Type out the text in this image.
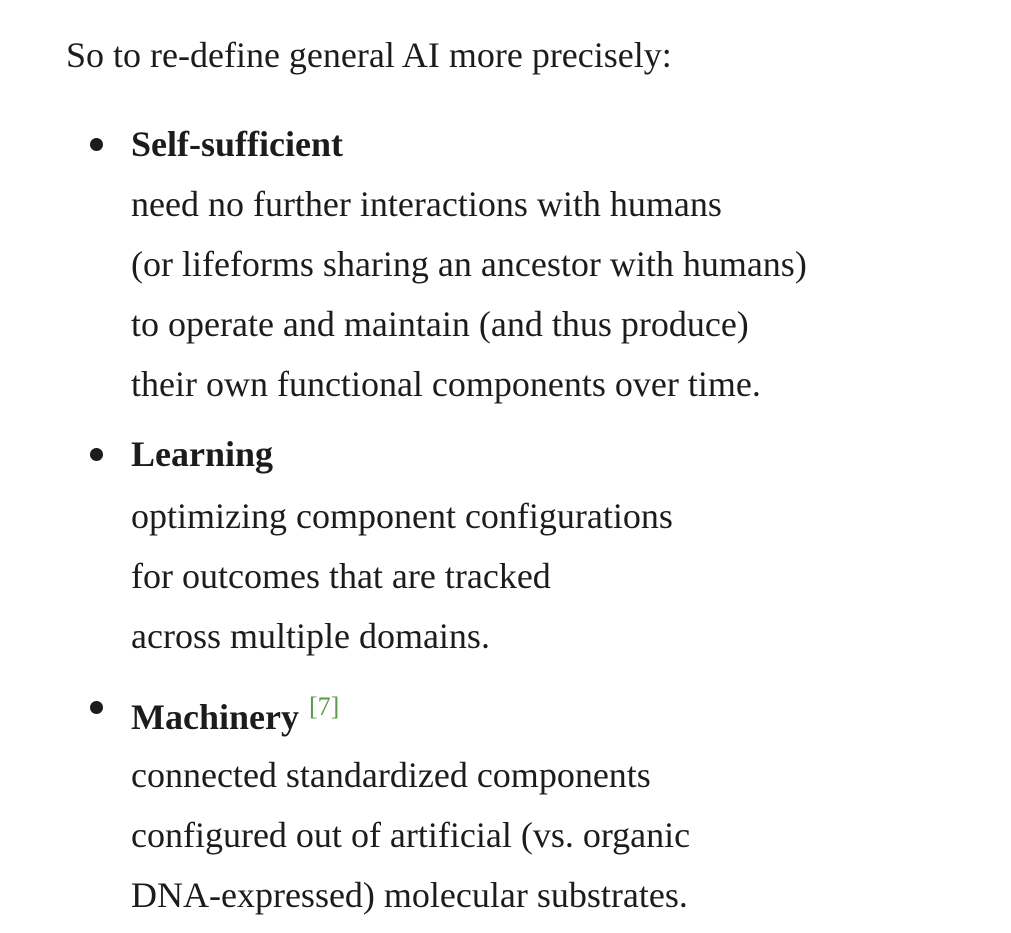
So to re-define general AI more precisely:

Self-sufficient

need no further interactions with humans
(or lifeforms sharing an ancestor with humans)
to operate and maintain (and thus produce)
their own functional components over time.

Learning

optimizing component configurations
for outcomes that are tracked
across multiple domains.

Machinery [7]

connected standardized components
configured out of artificial (vs. organic
DNA-expressed) molecular substrates.
